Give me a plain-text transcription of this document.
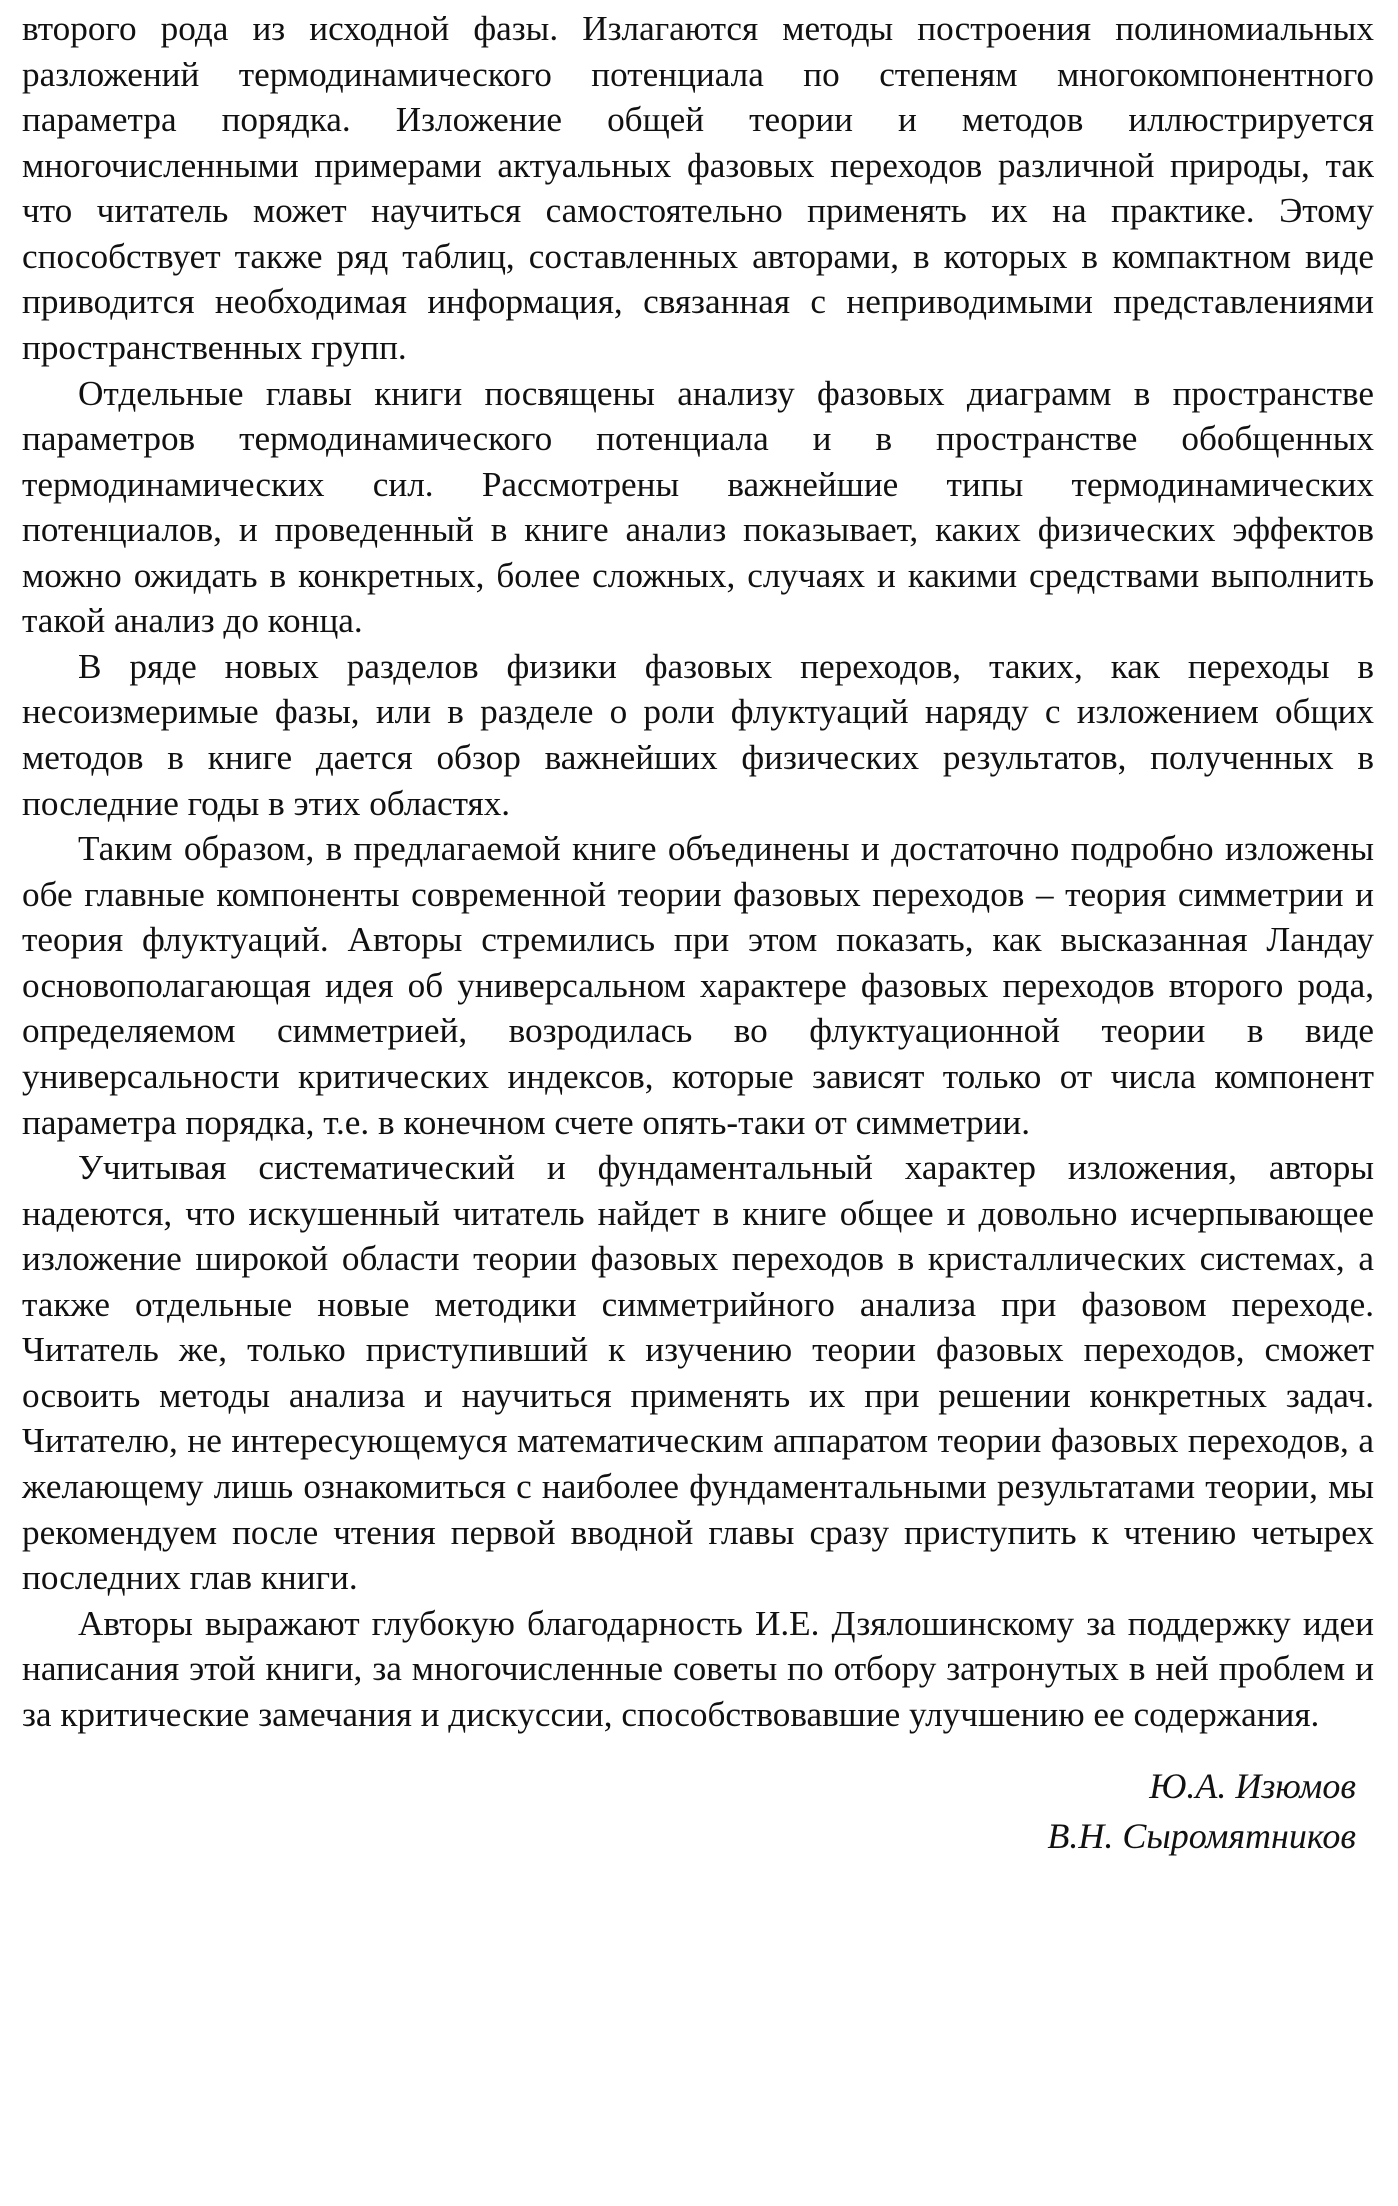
второго рода из исходной фазы. Излагаются методы построения полиномиальных разложений термодинамического потенциала по степеням многокомпонентного параметра порядка. Изложение общей теории и методов иллюстрируется многочисленными примерами актуальных фазовых переходов различной природы, так что читатель может научиться самостоятельно применять их на практике. Этому способствует также ряд таблиц, составленных авторами, в которых в компактном виде приводится необходимая информация, связанная с неприводимыми представлениями пространственных групп.

Отдельные главы книги посвящены анализу фазовых диаграмм в пространстве параметров термодинамического потенциала и в пространстве обобщенных термодинамических сил. Рассмотрены важнейшие типы термодинамических потенциалов, и проведенный в книге анализ показывает, каких физических эффектов можно ожидать в конкретных, более сложных, случаях и какими средствами выполнить такой анализ до конца.

В ряде новых разделов физики фазовых переходов, таких, как переходы в несоизмеримые фазы, или в разделе о роли флуктуаций наряду с изложением общих методов в книге дается обзор важнейших физических результатов, полученных в последние годы в этих областях.

Таким образом, в предлагаемой книге объединены и достаточно подробно изложены обе главные компоненты современной теории фазовых переходов – теория симметрии и теория флуктуаций. Авторы стремились при этом показать, как высказанная Ландау основополагающая идея об универсальном характере фазовых переходов второго рода, определяемом симметрией, возродилась во флуктуационной теории в виде универсальности критических индексов, которые зависят только от числа компонент параметра порядка, т.е. в конечном счете опять-таки от симметрии.

Учитывая систематический и фундаментальный характер изложения, авторы надеются, что искушенный читатель найдет в книге общее и довольно исчерпывающее изложение широкой области теории фазовых переходов в кристаллических системах, а также отдельные новые методики симметрийного анализа при фазовом переходе. Читатель же, только приступивший к изучению теории фазовых переходов, сможет освоить методы анализа и научиться применять их при решении конкретных задач. Читателю, не интересующемуся математическим аппаратом теории фазовых переходов, а желающему лишь ознакомиться с наиболее фундаментальными результатами теории, мы рекомендуем после чтения первой вводной главы сразу приступить к чтению четырех последних глав книги.

Авторы выражают глубокую благодарность И.Е. Дзялошинскому за поддержку идеи написания этой книги, за многочисленные советы по отбору затронутых в ней проблем и за критические замечания и дискуссии, способствовавшие улучшению ее содержания.

Ю.А. Изюмов
В.Н. Сыромятников
